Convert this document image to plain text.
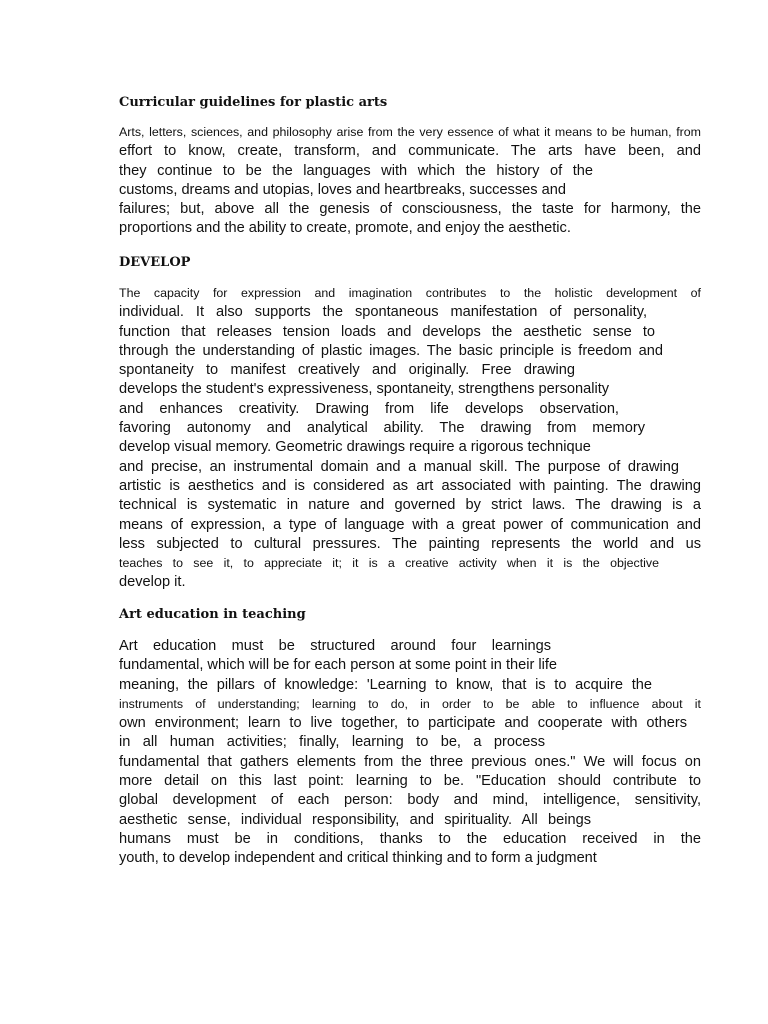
Curricular guidelines for plastic arts
Arts, letters, sciences, and philosophy arise from the very essence of what it means to be human, from
effort to know, create, transform, and communicate. The arts have been, and
they continue to be the languages with which the history of the
customs, dreams and utopias, loves and heartbreaks, successes and
failures; but, above all the genesis of consciousness, the taste for harmony, the
proportions and the ability to create, promote, and enjoy the aesthetic.
DEVELOP
The capacity for expression and imagination contributes to the holistic development of
individual. It also supports the spontaneous manifestation of personality,
function that releases tension loads and develops the aesthetic sense to
through the understanding of plastic images. The basic principle is freedom and
spontaneity to manifest creatively and originally. Free drawing
develops the student's expressiveness, spontaneity, strengthens personality
and enhances creativity. Drawing from life develops observation,
favoring autonomy and analytical ability. The drawing from memory
develop visual memory. Geometric drawings require a rigorous technique
and precise, an instrumental domain and a manual skill. The purpose of drawing
artistic is aesthetics and is considered as art associated with painting. The drawing
technical is systematic in nature and governed by strict laws. The drawing is a
means of expression, a type of language with a great power of communication and
less subjected to cultural pressures. The painting represents the world and us
teaches to see it, to appreciate it; it is a creative activity when it is the objective
develop it.
Art education in teaching
Art education must be structured around four learnings
fundamental, which will be for each person at some point in their life
meaning, the pillars of knowledge: 'Learning to know, that is to acquire the
instruments of understanding; learning to do, in order to be able to influence about it
own environment; learn to live together, to participate and cooperate with others
in all human activities; finally, learning to be, a process
fundamental that gathers elements from the three previous ones." We will focus on
more detail on this last point: learning to be. "Education should contribute to
global development of each person: body and mind, intelligence, sensitivity,
aesthetic sense, individual responsibility, and spirituality. All beings
humans must be in conditions, thanks to the education received in the
youth, to develop independent and critical thinking and to form a judgment
